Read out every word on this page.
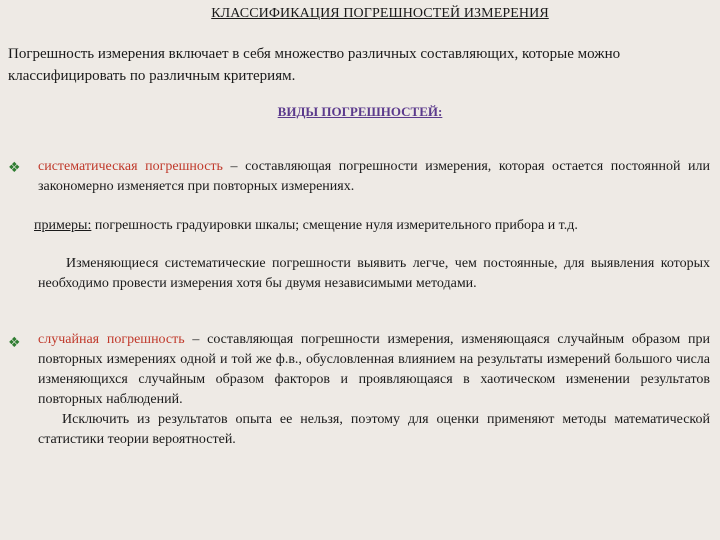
КЛАССИФИКАЦИЯ ПОГРЕШНОСТЕЙ ИЗМЕРЕНИЯ
Погрешность измерения включает в себя множество различных составляющих, которые можно классифицировать по различным критериям.
ВИДЫ ПОГРЕШНОСТЕЙ:
❖ систематическая погрешность – составляющая погрешности измерения, которая остается постоянной или закономерно изменяется при повторных измерениях.
примеры: погрешность градуировки шкалы; смещение нуля измерительного прибора и т.д.
Изменяющиеся систематические погрешности выявить легче, чем постоянные, для выявления которых необходимо провести измерения хотя бы двумя независимыми методами.
❖ случайная погрешность – составляющая погрешности измерения, изменяющаяся случайным образом при повторных измерениях одной и той же ф.в., обусловленная влиянием на результаты измерений большого числа изменяющихся случайным образом факторов и проявляющаяся в хаотическом изменении результатов повторных наблюдений.
Исключить из результатов опыта ее нельзя, поэтому для оценки применяют методы математической статистики теории вероятностей.
